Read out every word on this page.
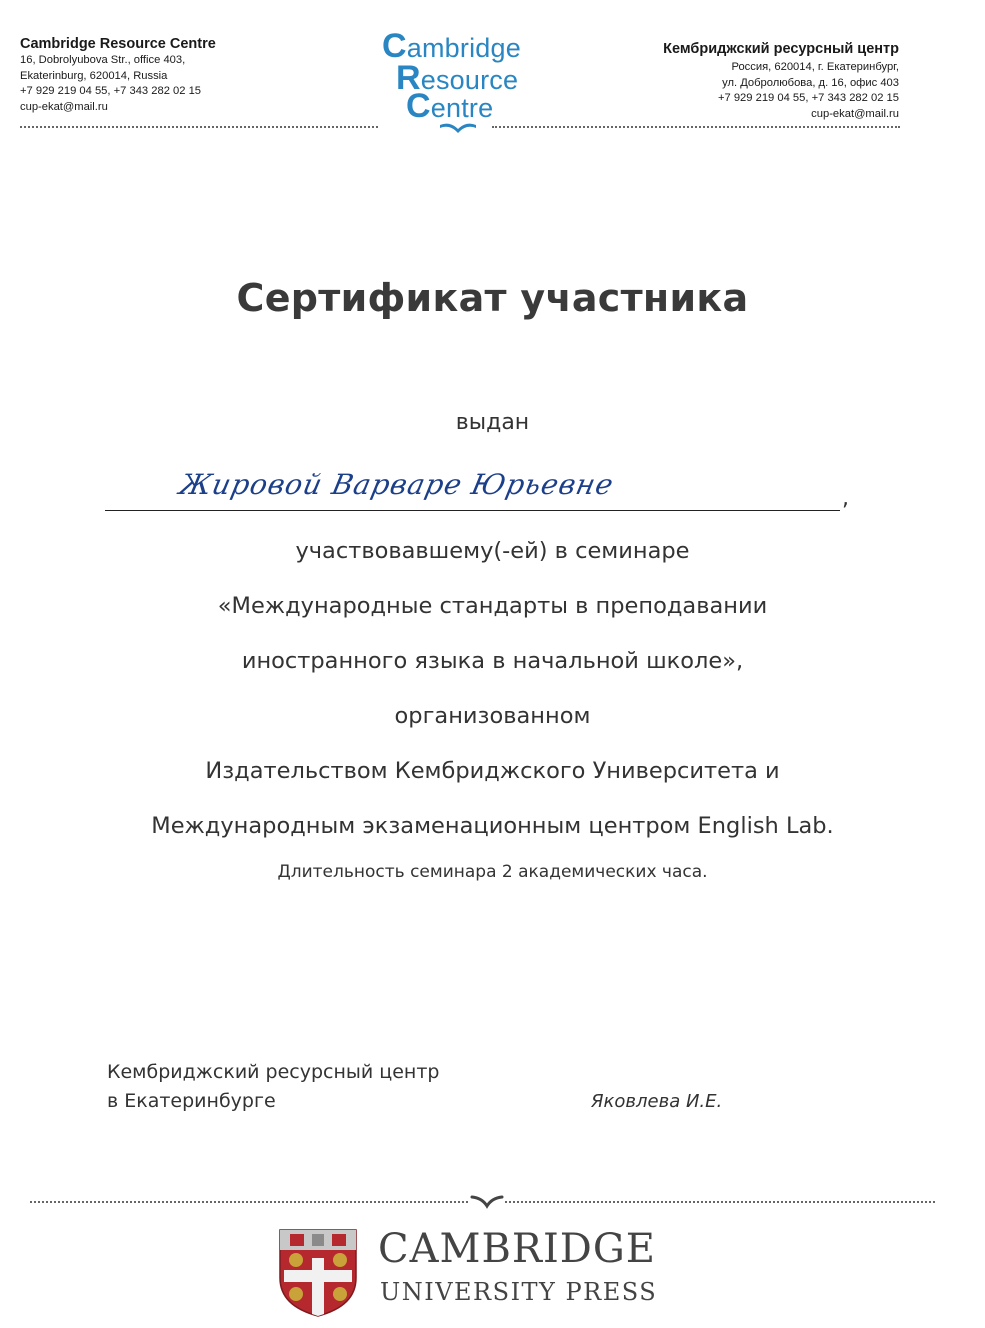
Cambridge Resource Centre
16, Dobrolyubova Str., office 403,
Ekaterinburg, 620014, Russia
+7 929 219 04 55, +7 343 282 02 15
cup-ekat@mail.ru
Cambridge
Resource
Centre
Кембриджский ресурсный центр
Россия, 620014, г. Екатеринбург,
ул. Добролюбова, д. 16, офис 403
+7 929 219 04 55, +7 343 282 02 15
cup-ekat@mail.ru
Сертификат участника
выдан
Жировой Варваре Юрьевне	,
участвовавшему(-ей) в семинаре
«Международные стандарты в преподавании
иностранного языка в начальной школе»,
организованном
Издательством Кембриджского Университета и
Международным экзаменационным центром English Lab.
Длительность семинара 2 академических часа.
Кембриджский ресурсный центр
в Екатеринбурге	Яковлева И.Е.
CAMBRIDGE
UNIVERSITY PRESS
